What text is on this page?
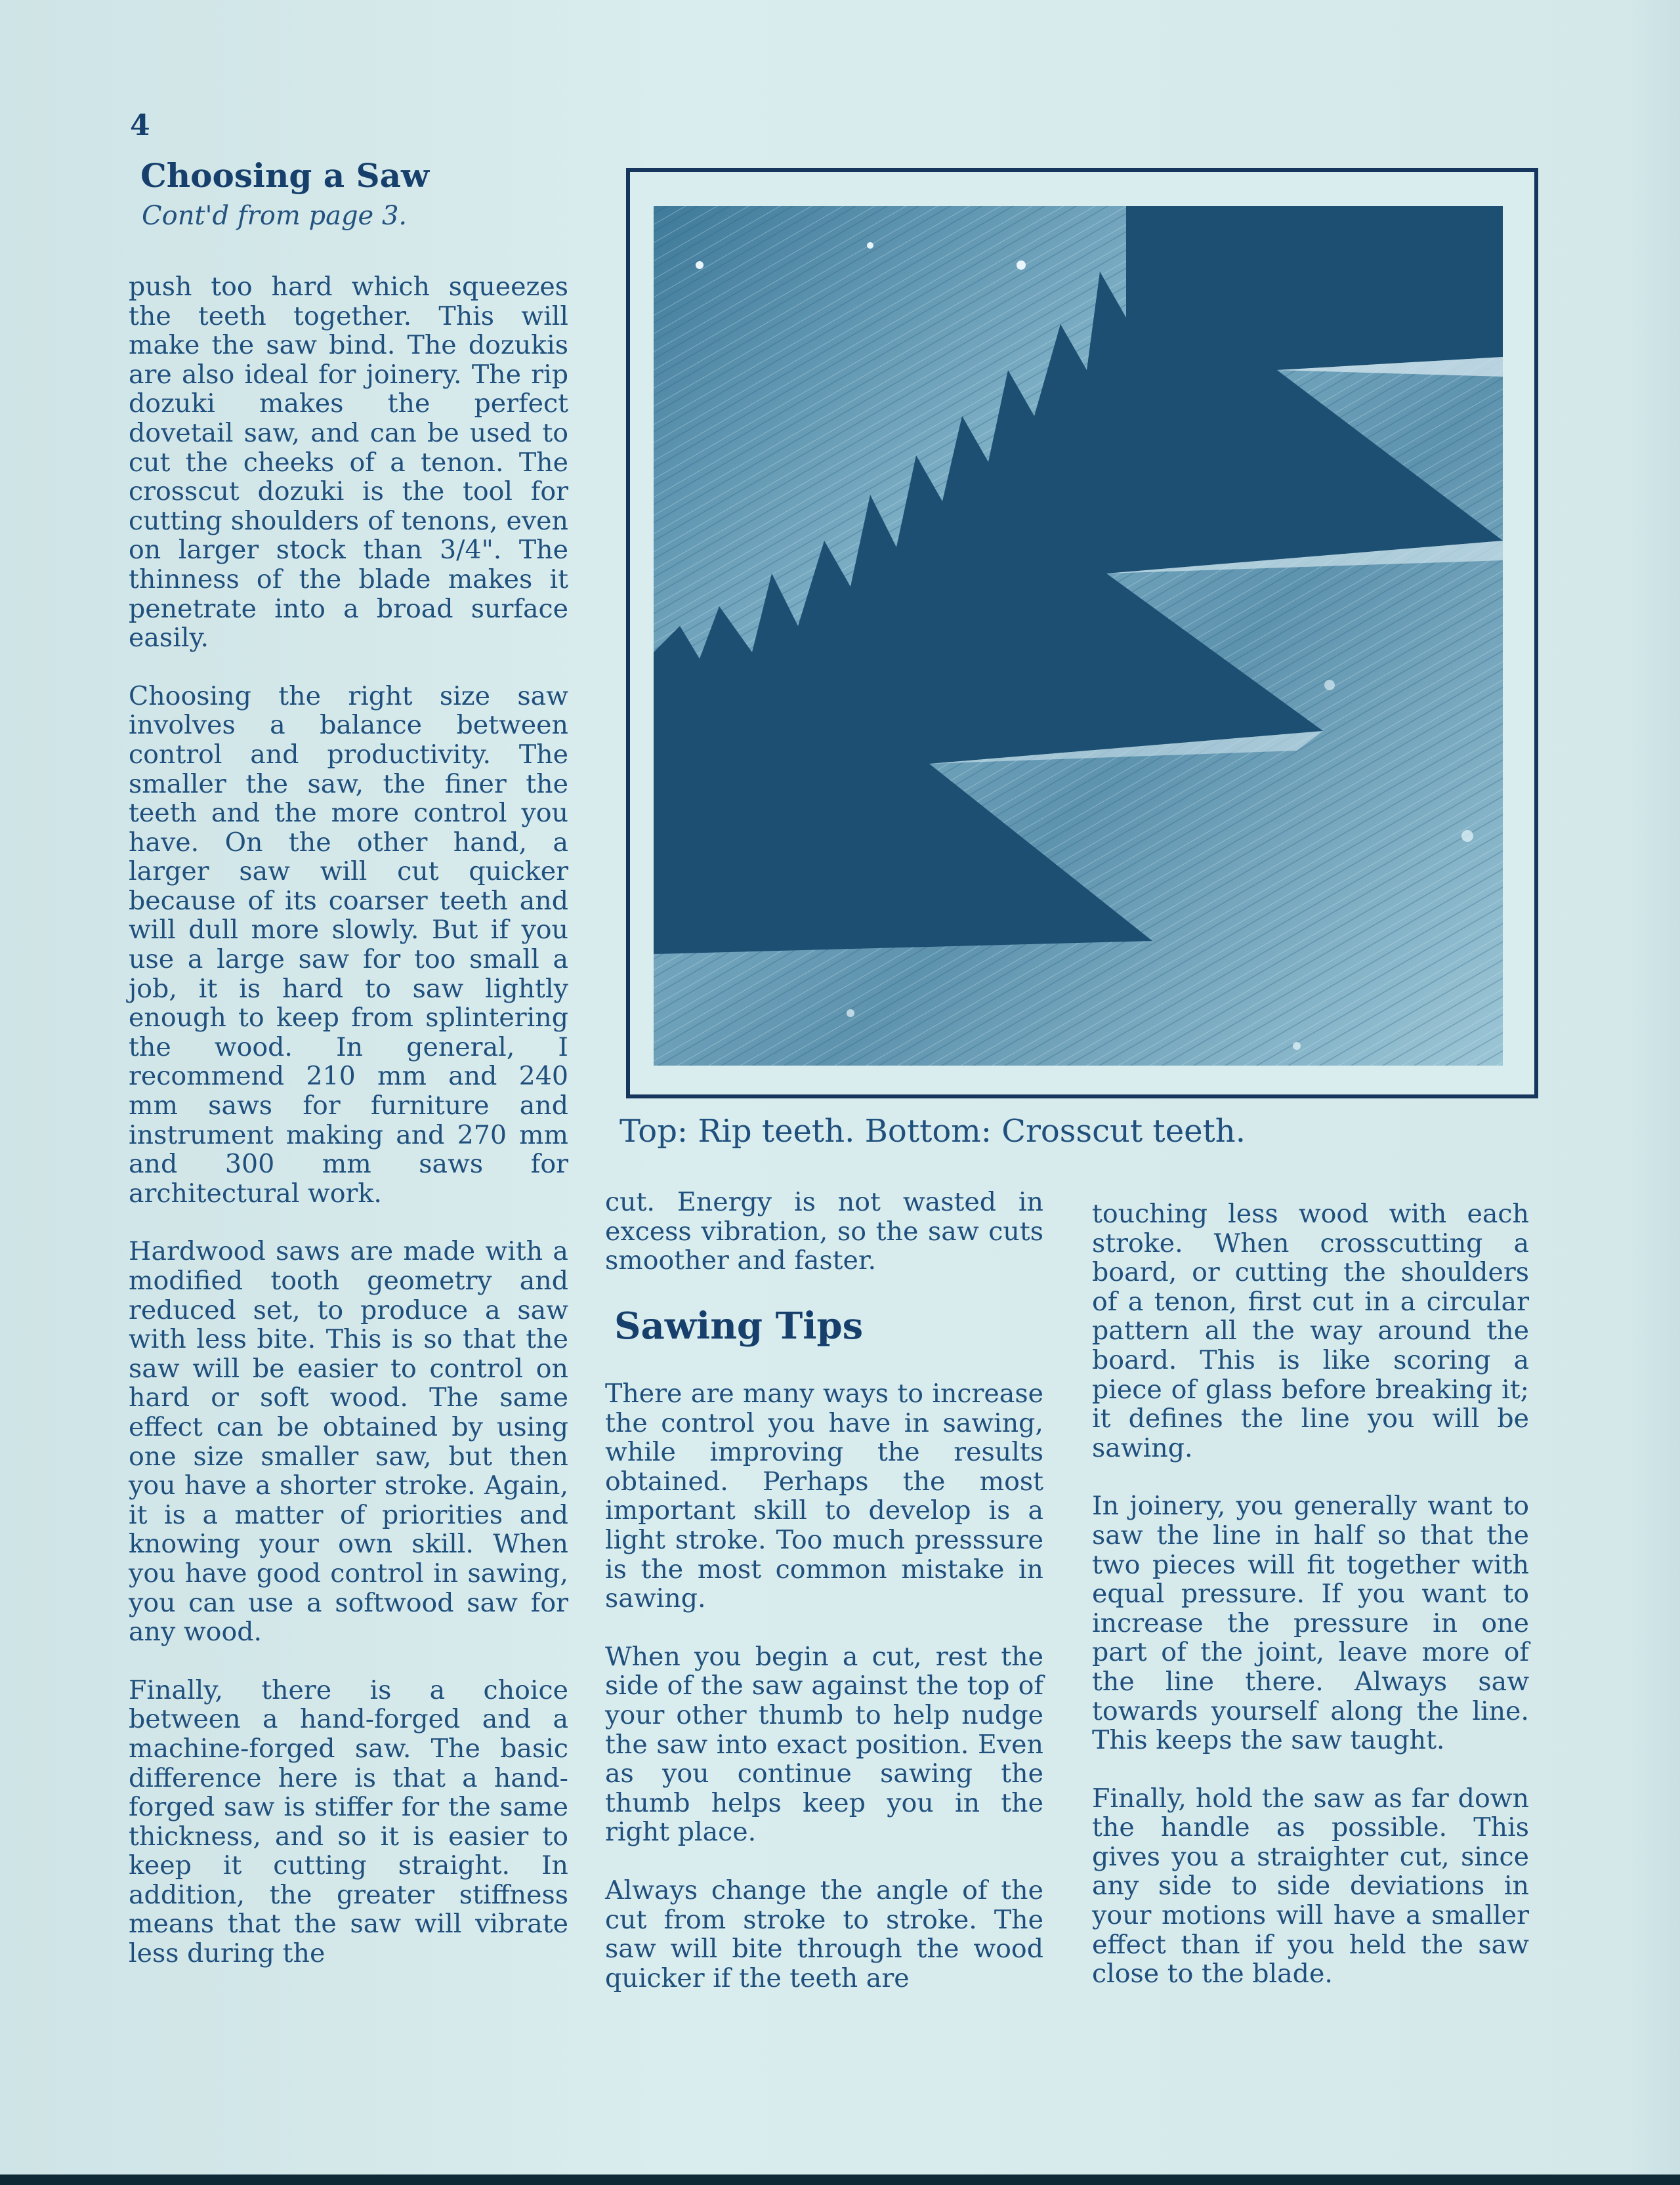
4
Choosing a Saw
Cont'd from page 3.

push too hard which squeezes the teeth together. This will make the saw bind. The dozukis are also ideal for joinery. The rip dozuki makes the perfect dovetail saw, and can be used to cut the cheeks of a tenon. The crosscut dozuki is the tool for cutting shoulders of tenons, even on larger stock than 3/4". The thinness of the blade makes it penetrate into a broad surface easily.

Choosing the right size saw involves a balance between control and productivity. The smaller the saw, the finer the teeth and the more control you have. On the other hand, a larger saw will cut quicker because of its coarser teeth and will dull more slowly. But if you use a large saw for too small a job, it is hard to saw lightly enough to keep from splintering the wood. In general, I recommend 210 mm and 240 mm saws for furniture and instrument making and 270 mm and 300 mm saws for architectural work.

Hardwood saws are made with a modified tooth geometry and reduced set, to produce a saw with less bite. This is so that the saw will be easier to control on hard or soft wood. The same effect can be obtained by using one size smaller saw, but then you have a shorter stroke. Again, it is a matter of priorities and knowing your own skill. When you have good control in sawing, you can use a softwood saw for any wood.

Finally, there is a choice between a hand-forged and a machine-forged saw. The basic difference here is that a hand-forged saw is stiffer for the same thickness, and so it is easier to keep it cutting straight. In addition, the greater stiffness means that the saw will vibrate less during the

Top: Rip teeth. Bottom: Crosscut teeth.

cut. Energy is not wasted in excess vibration, so the saw cuts smoother and faster.

Sawing Tips

There are many ways to increase the control you have in sawing, while improving the results obtained. Perhaps the most important skill to develop is a light stroke. Too much presssure is the most common mistake in sawing.

When you begin a cut, rest the side of the saw against the top of your other thumb to help nudge the saw into exact position. Even as you continue sawing the thumb helps keep you in the right place.

Always change the angle of the cut from stroke to stroke. The saw will bite through the wood quicker if the teeth are

touching less wood with each stroke. When crosscutting a board, or cutting the shoulders of a tenon, first cut in a circular pattern all the way around the board. This is like scoring a piece of glass before breaking it; it defines the line you will be sawing.

In joinery, you generally want to saw the line in half so that the two pieces will fit together with equal pressure. If you want to increase the pressure in one part of the joint, leave more of the line there. Always saw towards yourself along the line. This keeps the saw taught.

Finally, hold the saw as far down the handle as possible. This gives you a straighter cut, since any side to side deviations in your motions will have a smaller effect than if you held the saw close to the blade.
